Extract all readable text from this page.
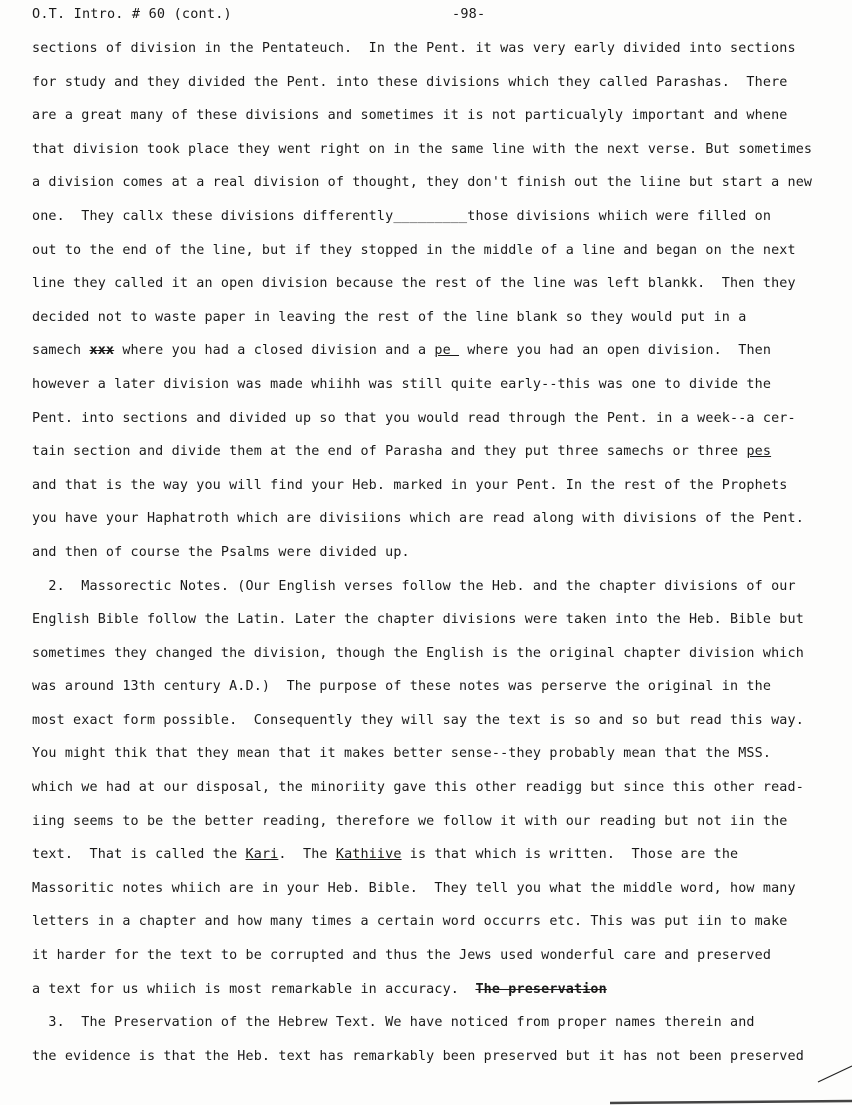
O.T. Intro. # 60 (cont.)	-98-
sections of division in the Pentateuch.  In the Pent. it was very early divided into sections
for study and they divided the Pent. into these divisions which they called Parashas.  There
are a great many of these divisions and sometimes it is not particualyly important and whene
that division took place they went right on in the same line with the next verse. But sometimes
a division comes at a real division of thought, they don't finish out the liine but start a new
one.  They callx these divisions differently_________those divisions whiich were filled on
out to the end of the line, but if they stopped in the middle of a line and began on the next
line they called it an open division because the rest of the line was left blankk.  Then they
decided not to waste paper in leaving the rest of the line blank so they would put in a
samech xxx where you had a closed division and a pe  where you had an open division.  Then
however a later division was made whiihh was still quite early--this was one to divide the
Pent. into sections and divided up so that you would read through the Pent. in a week--a cer-
tain section and divide them at the end of Parasha and they put three samechs or three pes
and that is the way you will find your Heb. marked in your Pent. In the rest of the Prophets
you have your Haphatroth which are divisiions which are read along with divisions of the Pent.
and then of course the Psalms were divided up.
2.  Massorectic Notes. (Our English verses follow the Heb. and the chapter divisions of our
English Bible follow the Latin. Later the chapter divisions were taken into the Heb. Bible but
sometimes they changed the division, though the English is the original chapter division which
was around 13th century A.D.)  The purpose of these notes was perserve the original in the
most exact form possible.  Consequently they will say the text is so and so but read this way.
You might thik that they mean that it makes better sense--they probably mean that the MSS.
which we had at our disposal, the minoriity gave this other readigg but since this other read-
iing seems to be the better reading, therefore we follow it with our reading but not iin the
text.  That is called the Kari.  The Kathiive is that which is written.  Those are the
Massoritic notes whiich are in your Heb. Bible.  They tell you what the middle word, how many
letters in a chapter and how many times a certain word occurrs etc. This was put iin to make
it harder for the text to be corrupted and thus the Jews used wonderful care and preserved
a text for us whiich is most remarkable in accuracy.  The preservation
3.  The Preservation of the Hebrew Text. We have noticed from proper names therein and
the evidence is that the Heb. text has remarkably been preserved but it has not been preserved
